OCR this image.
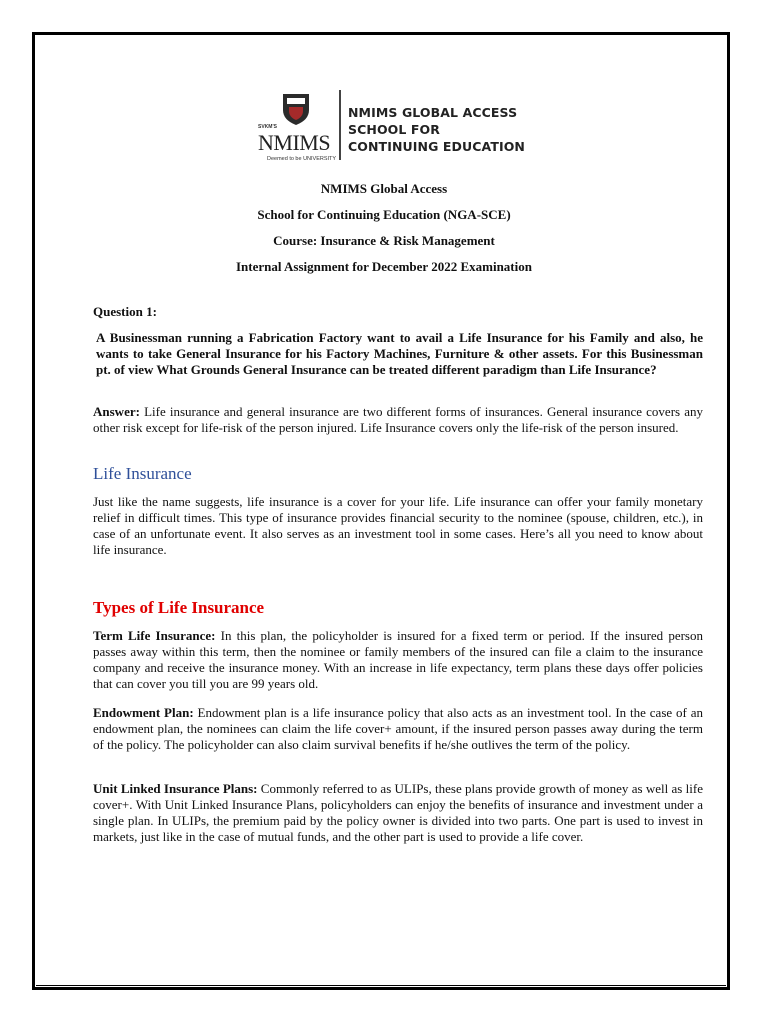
SVKM'S
NMIMS
Deemed to be UNIVERSITY
NMIMS GLOBAL ACCESS
SCHOOL FOR
CONTINUING EDUCATION
NMIMS Global Access
School for Continuing Education (NGA-SCE)
Course: Insurance & Risk Management
Internal Assignment for December 2022 Examination
Question 1:
A Businessman running a Fabrication Factory want to avail a Life Insurance for his Family and also, he wants to take General Insurance for his Factory Machines, Furniture & other assets. For this Businessman pt. of view What Grounds General Insurance can be treated different paradigm than Life Insurance?
Answer: Life insurance and general insurance are two different forms of insurances. General insurance covers any other risk except for life-risk of the person injured. Life Insurance covers only the life-risk of the person insured.
Life Insurance
Just like the name suggests, life insurance is a cover for your life. Life insurance can offer your family monetary relief in difficult times. This type of insurance provides financial security to the nominee (spouse, children, etc.), in case of an unfortunate event. It also serves as an investment tool in some cases. Here’s all you need to know about life insurance.
Types of Life Insurance
Term Life Insurance: In this plan, the policyholder is insured for a fixed term or period. If the insured person passes away within this term, then the nominee or family members of the insured can file a claim to the insurance company and receive the insurance money. With an increase in life expectancy, term plans these days offer policies that can cover you till you are 99 years old.
Endowment Plan: Endowment plan is a life insurance policy that also acts as an investment tool. In the case of an endowment plan, the nominees can claim the life cover+ amount, if the insured person passes away during the term of the policy. The policyholder can also claim survival benefits if he/she outlives the term of the policy.
Unit Linked Insurance Plans: Commonly referred to as ULIPs, these plans provide growth of money as well as life cover+. With Unit Linked Insurance Plans, policyholders can enjoy the benefits of insurance and investment under a single plan. In ULIPs, the premium paid by the policy owner is divided into two parts. One part is used to invest in markets, just like in the case of mutual funds, and the other part is used to provide a life cover.
